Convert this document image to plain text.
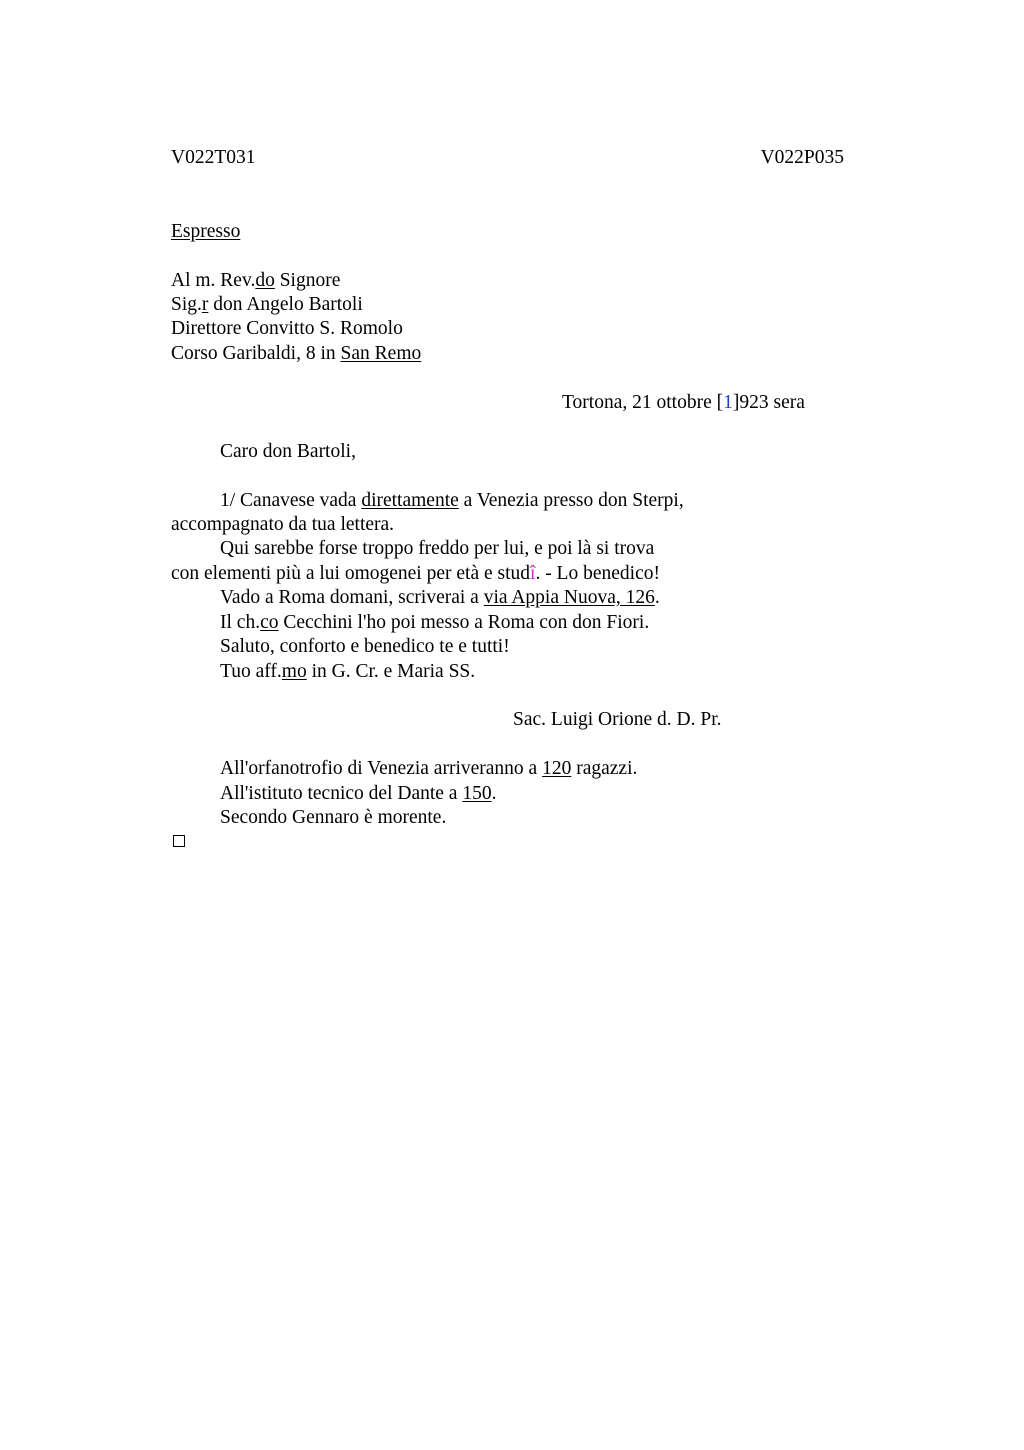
V022T031	V022P035
Espresso
Al m. Rev.do Signore
Sig.r don Angelo Bartoli
Direttore Convitto S. Romolo
Corso Garibaldi, 8 in San Remo
Tortona, 21 ottobre [1]923 sera
Caro don Bartoli,
1/ Canavese vada direttamente a Venezia presso don Sterpi,
accompagnato da tua lettera.
Qui sarebbe forse troppo freddo per lui, e poi là si trova
con elementi più a lui omogenei per età e studî. - Lo benedico!
Vado a Roma domani, scriverai a via Appia Nuova, 126.
Il ch.co Cecchini l'ho poi messo a Roma con don Fiori.
Saluto, conforto e benedico te e tutti!
Tuo aff.mo in G. Cr. e Maria SS.
Sac. Luigi Orione d. D. Pr.
All'orfanotrofio di Venezia arriveranno a 120 ragazzi.
All'istituto tecnico del Dante a 150.
Secondo Gennaro è morente.
